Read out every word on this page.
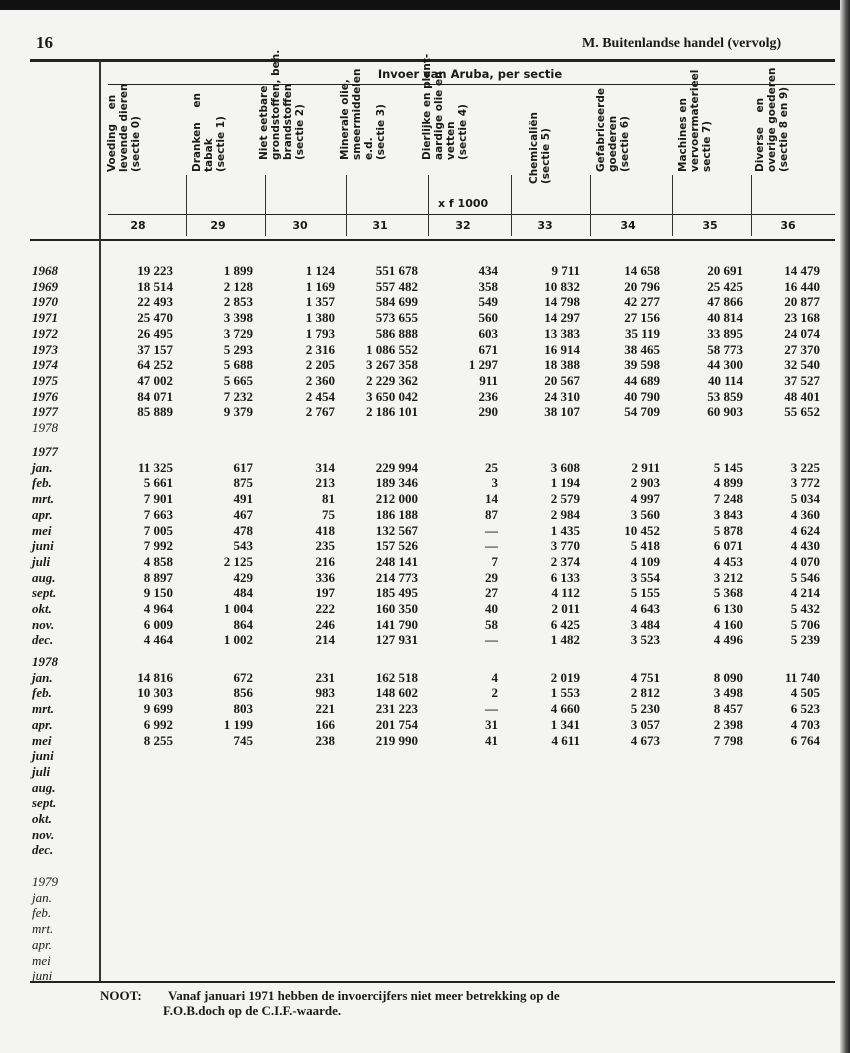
16	M. Buitenlandse handel (vervolg)
Invoer van Aruba, per sectie
x f 1000
Voeding    en
levende dieren
(sectie 0)
28
Dranken    en
tabak
(sectie 1)
29
Niet eetbare
grondstoffen, beh.
brandstoffen
(sectie 2)
30
Minerale olie,
smeermiddelen
e.d.
(sectie 3)
31
Dierlijke en plant-
aardige olie en
vetten
(sectie 4)
32
Chemicaliën
(sectie 5)
33
Gefabriceerde
goederen
(sectie 6)
34
Machines en
vervoermaterieel
sectie 7)
35
Diverse    en
overige goederen
(sectie 8 en 9)
36
1968	19 223	1 899	1 124	551 678	434	9 711	14 658	20 691	14 479
1969	18 514	2 128	1 169	557 482	358	10 832	20 796	25 425	16 440
1970	22 493	2 853	1 357	584 699	549	14 798	42 277	47 866	20 877
1971	25 470	3 398	1 380	573 655	560	14 297	27 156	40 814	23 168
1972	26 495	3 729	1 793	586 888	603	13 383	35 119	33 895	24 074
1973	37 157	5 293	2 316	1 086 552	671	16 914	38 465	58 773	27 370
1974	64 252	5 688	2 205	3 267 358	1 297	18 388	39 598	44 300	32 540
1975	47 002	5 665	2 360	2 229 362	911	20 567	44 689	40 114	37 527
1976	84 071	7 232	2 454	3 650 042	236	24 310	40 790	53 859	48 401
1977	85 889	9 379	2 767	2 186 101	290	38 107	54 709	60 903	55 652
1978
1977
jan.	11 325	617	314	229 994	25	3 608	2 911	5 145	3 225
feb.	5 661	875	213	189 346	3	1 194	2 903	4 899	3 772
mrt.	7 901	491	81	212 000	14	2 579	4 997	7 248	5 034
apr.	7 663	467	75	186 188	87	2 984	3 560	3 843	4 360
mei	7 005	478	418	132 567	—	1 435	10 452	5 878	4 624
juni	7 992	543	235	157 526	—	3 770	5 418	6 071	4 430
juli	4 858	2 125	216	248 141	7	2 374	4 109	4 453	4 070
aug.	8 897	429	336	214 773	29	6 133	3 554	3 212	5 546
sept.	9 150	484	197	185 495	27	4 112	5 155	5 368	4 214
okt.	4 964	1 004	222	160 350	40	2 011	4 643	6 130	5 432
nov.	6 009	864	246	141 790	58	6 425	3 484	4 160	5 706
dec.	4 464	1 002	214	127 931	—	1 482	3 523	4 496	5 239
1978
jan.	14 816	672	231	162 518	4	2 019	4 751	8 090	11 740
feb.	10 303	856	983	148 602	2	1 553	2 812	3 498	4 505
mrt.	9 699	803	221	231 223	—	4 660	5 230	8 457	6 523
apr.	6 992	1 199	166	201 754	31	1 341	3 057	2 398	4 703
mei	8 255	745	238	219 990	41	4 611	4 673	7 798	6 764
juni
juli
aug.
sept.
okt.
nov.
dec.
1979
jan.
feb.
mrt.
apr.
mei
juni
NOOT: Vanaf januari 1971 hebben de invoercijfers niet meer betrekking op de
F.O.B.doch op de C.I.F.-waarde.
